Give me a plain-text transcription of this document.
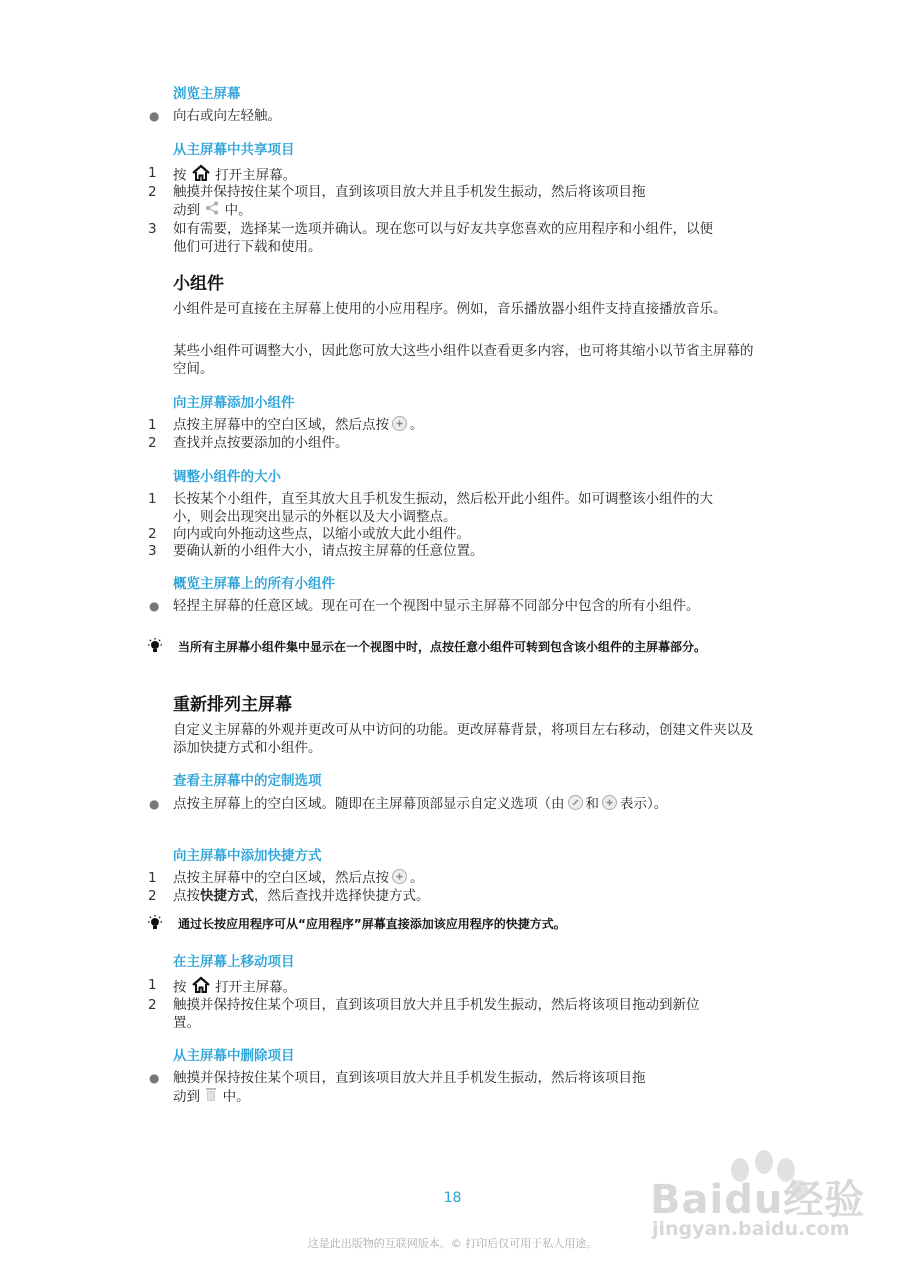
浏览主屏幕
● 向右或向左轻触。
从主屏幕中共享项目
1 按 打开主屏幕。
2 触摸并保持按住某个项目，直到该项目放大并且手机发生振动，然后将该项目拖
动到 中。
3 如有需要，选择某一选项并确认。现在您可以与好友共享您喜欢的应用程序和小组件，以便他们可进行下载和使用。
小组件
小组件是可直接在主屏幕上使用的小应用程序。例如，音乐播放器小组件支持直接播放音乐。
某些小组件可调整大小，因此您可放大这些小组件以查看更多内容，也可将其缩小以节省主屏幕的空间。
向主屏幕添加小组件
1 点按主屏幕中的空白区域，然后点按 。
2 查找并点按要添加的小组件。
调整小组件的大小
1 长按某个小组件，直至其放大且手机发生振动，然后松开此小组件。如可调整该小组件的大小，则会出现突出显示的外框以及大小调整点。
2 向内或向外拖动这些点，以缩小或放大此小组件。
3 要确认新的小组件大小，请点按主屏幕的任意位置。
概览主屏幕上的所有小组件
● 轻捏主屏幕的任意区域。现在可在一个视图中显示主屏幕不同部分中包含的所有小组件。
当所有主屏幕小组件集中显示在一个视图中时，点按任意小组件可转到包含该小组件的主屏幕部分。
重新排列主屏幕
自定义主屏幕的外观并更改可从中访问的功能。更改屏幕背景，将项目左右移动，创建文件夹以及添加快捷方式和小组件。
查看主屏幕中的定制选项
● 点按主屏幕上的空白区域。随即在主屏幕顶部显示自定义选项（由 和 表示）。
向主屏幕中添加快捷方式
1 点按主屏幕中的空白区域，然后点按 。
2 点按快捷方式，然后查找并选择快捷方式。
通过长按应用程序可从“应用程序”屏幕直接添加该应用程序的快捷方式。
在主屏幕上移动项目
1 按 打开主屏幕。
2 触摸并保持按住某个项目，直到该项目放大并且手机发生振动，然后将该项目拖动到新位置。
从主屏幕中删除项目
● 触摸并保持按住某个项目，直到该项目放大并且手机发生振动，然后将该项目拖
动到 中。
Baidu经验
jingyan.baidu.com
18
这是此出版物的互联网版本。© 打印后仅可用于私人用途。
